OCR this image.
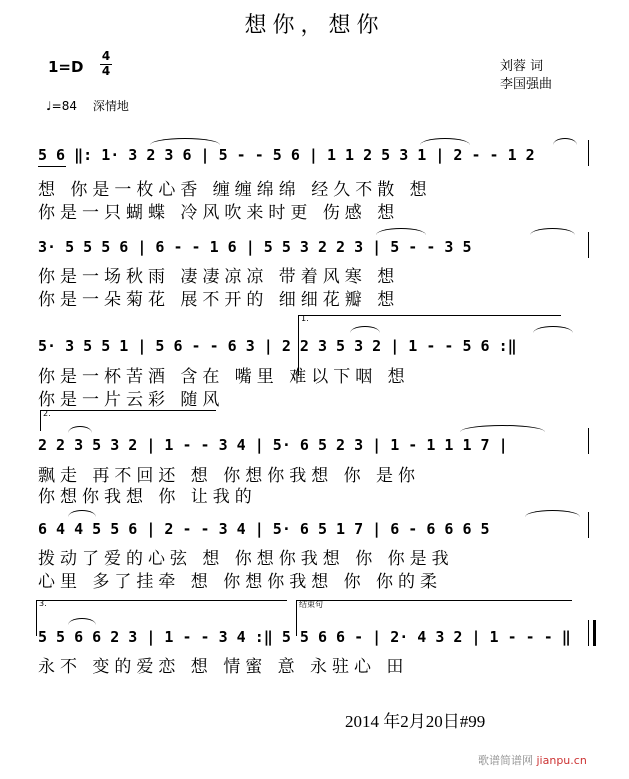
想你，想你
1=D
4
4	刘蓉 词
李国强曲
♩=84 深情地
5 6 ‖: 1· 3 2 3 6 | 5 - - 5 6 | 1 1 2 5 3 1 | 2 - - 1 2
想 你是一枚心香 缠缠绵绵 经久不散 想
你是一只蝴蝶 冷风吹来时更 伤感 想
3· 5 5 5 6 | 6 - - 1 6 | 5 5 3 2 2 3 | 5 - - 3 5
你是一场秋雨 凄凄凉凉 带着风寒 想
你是一朵菊花 展不开的 细细花瓣 想
1.
5· 3 5 5 1 | 5 6 - - 6 3 | 2 2 3 5 3 2 | 1 - - 5 6 :‖
你是一杯苦酒 含在 嘴里 难以下咽 想
你是一片云彩 随风
2.
2 2 3 5 3 2 | 1 - - 3 4 | 5· 6 5 2 3 | 1 - 1 1 1 7 |
飘走 再不回还 想 你想你我想 你 是你
你想你我想 你 让我的
6 4 4 5 5 6 | 2 - - 3 4 | 5· 6 5 1 7 | 6 - 6 6 6 5
拨动了爱的心弦 想 你想你我想 你 你是我
心里 多了挂牵 想 你想你我想 你 你的柔
3.	结束句
5 5 6 6 2 3 | 1 - - 3 4 :‖ 5 5 6 6 - | 2· 4 3 2 | 1 - - - ‖
永不 变的爱恋 想 情蜜 意 永驻心 田
2014 年2月20日#99
歌谱简谱网 jianpu.cn
